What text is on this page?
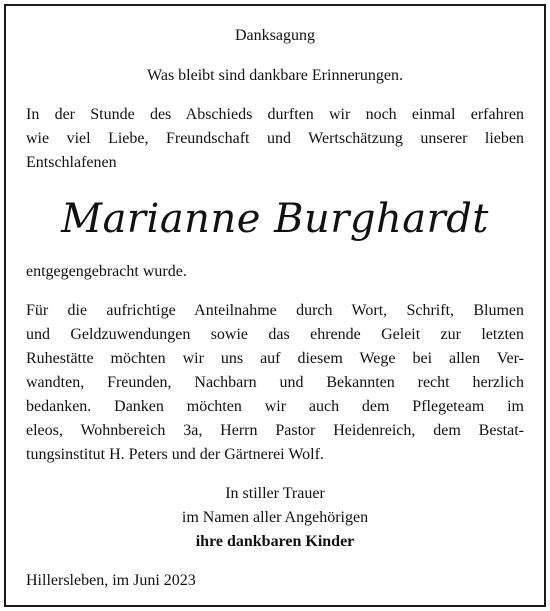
Danksagung
Was bleibt sind dankbare Erinnerungen.
In der Stunde des Abschieds durften wir noch einmal erfahren
wie viel Liebe, Freundschaft und Wertschätzung unserer lieben
Entschlafenen
Marianne Burghardt
entgegengebracht wurde.
Für die aufrichtige Anteilnahme durch Wort, Schrift, Blumen
und Geldzuwendungen sowie das ehrende Geleit zur letzten
Ruhestätte möchten wir uns auf diesem Wege bei allen Ver-
wandten, Freunden, Nachbarn und Bekannten recht herzlich
bedanken. Danken möchten wir auch dem Pflegeteam im
eleos, Wohnbereich 3a, Herrn Pastor Heidenreich, dem Bestat-
tungsinstitut H. Peters und der Gärtnerei Wolf.
In stiller Trauer
im Namen aller Angehörigen
ihre dankbaren Kinder
Hillersleben, im Juni 2023
